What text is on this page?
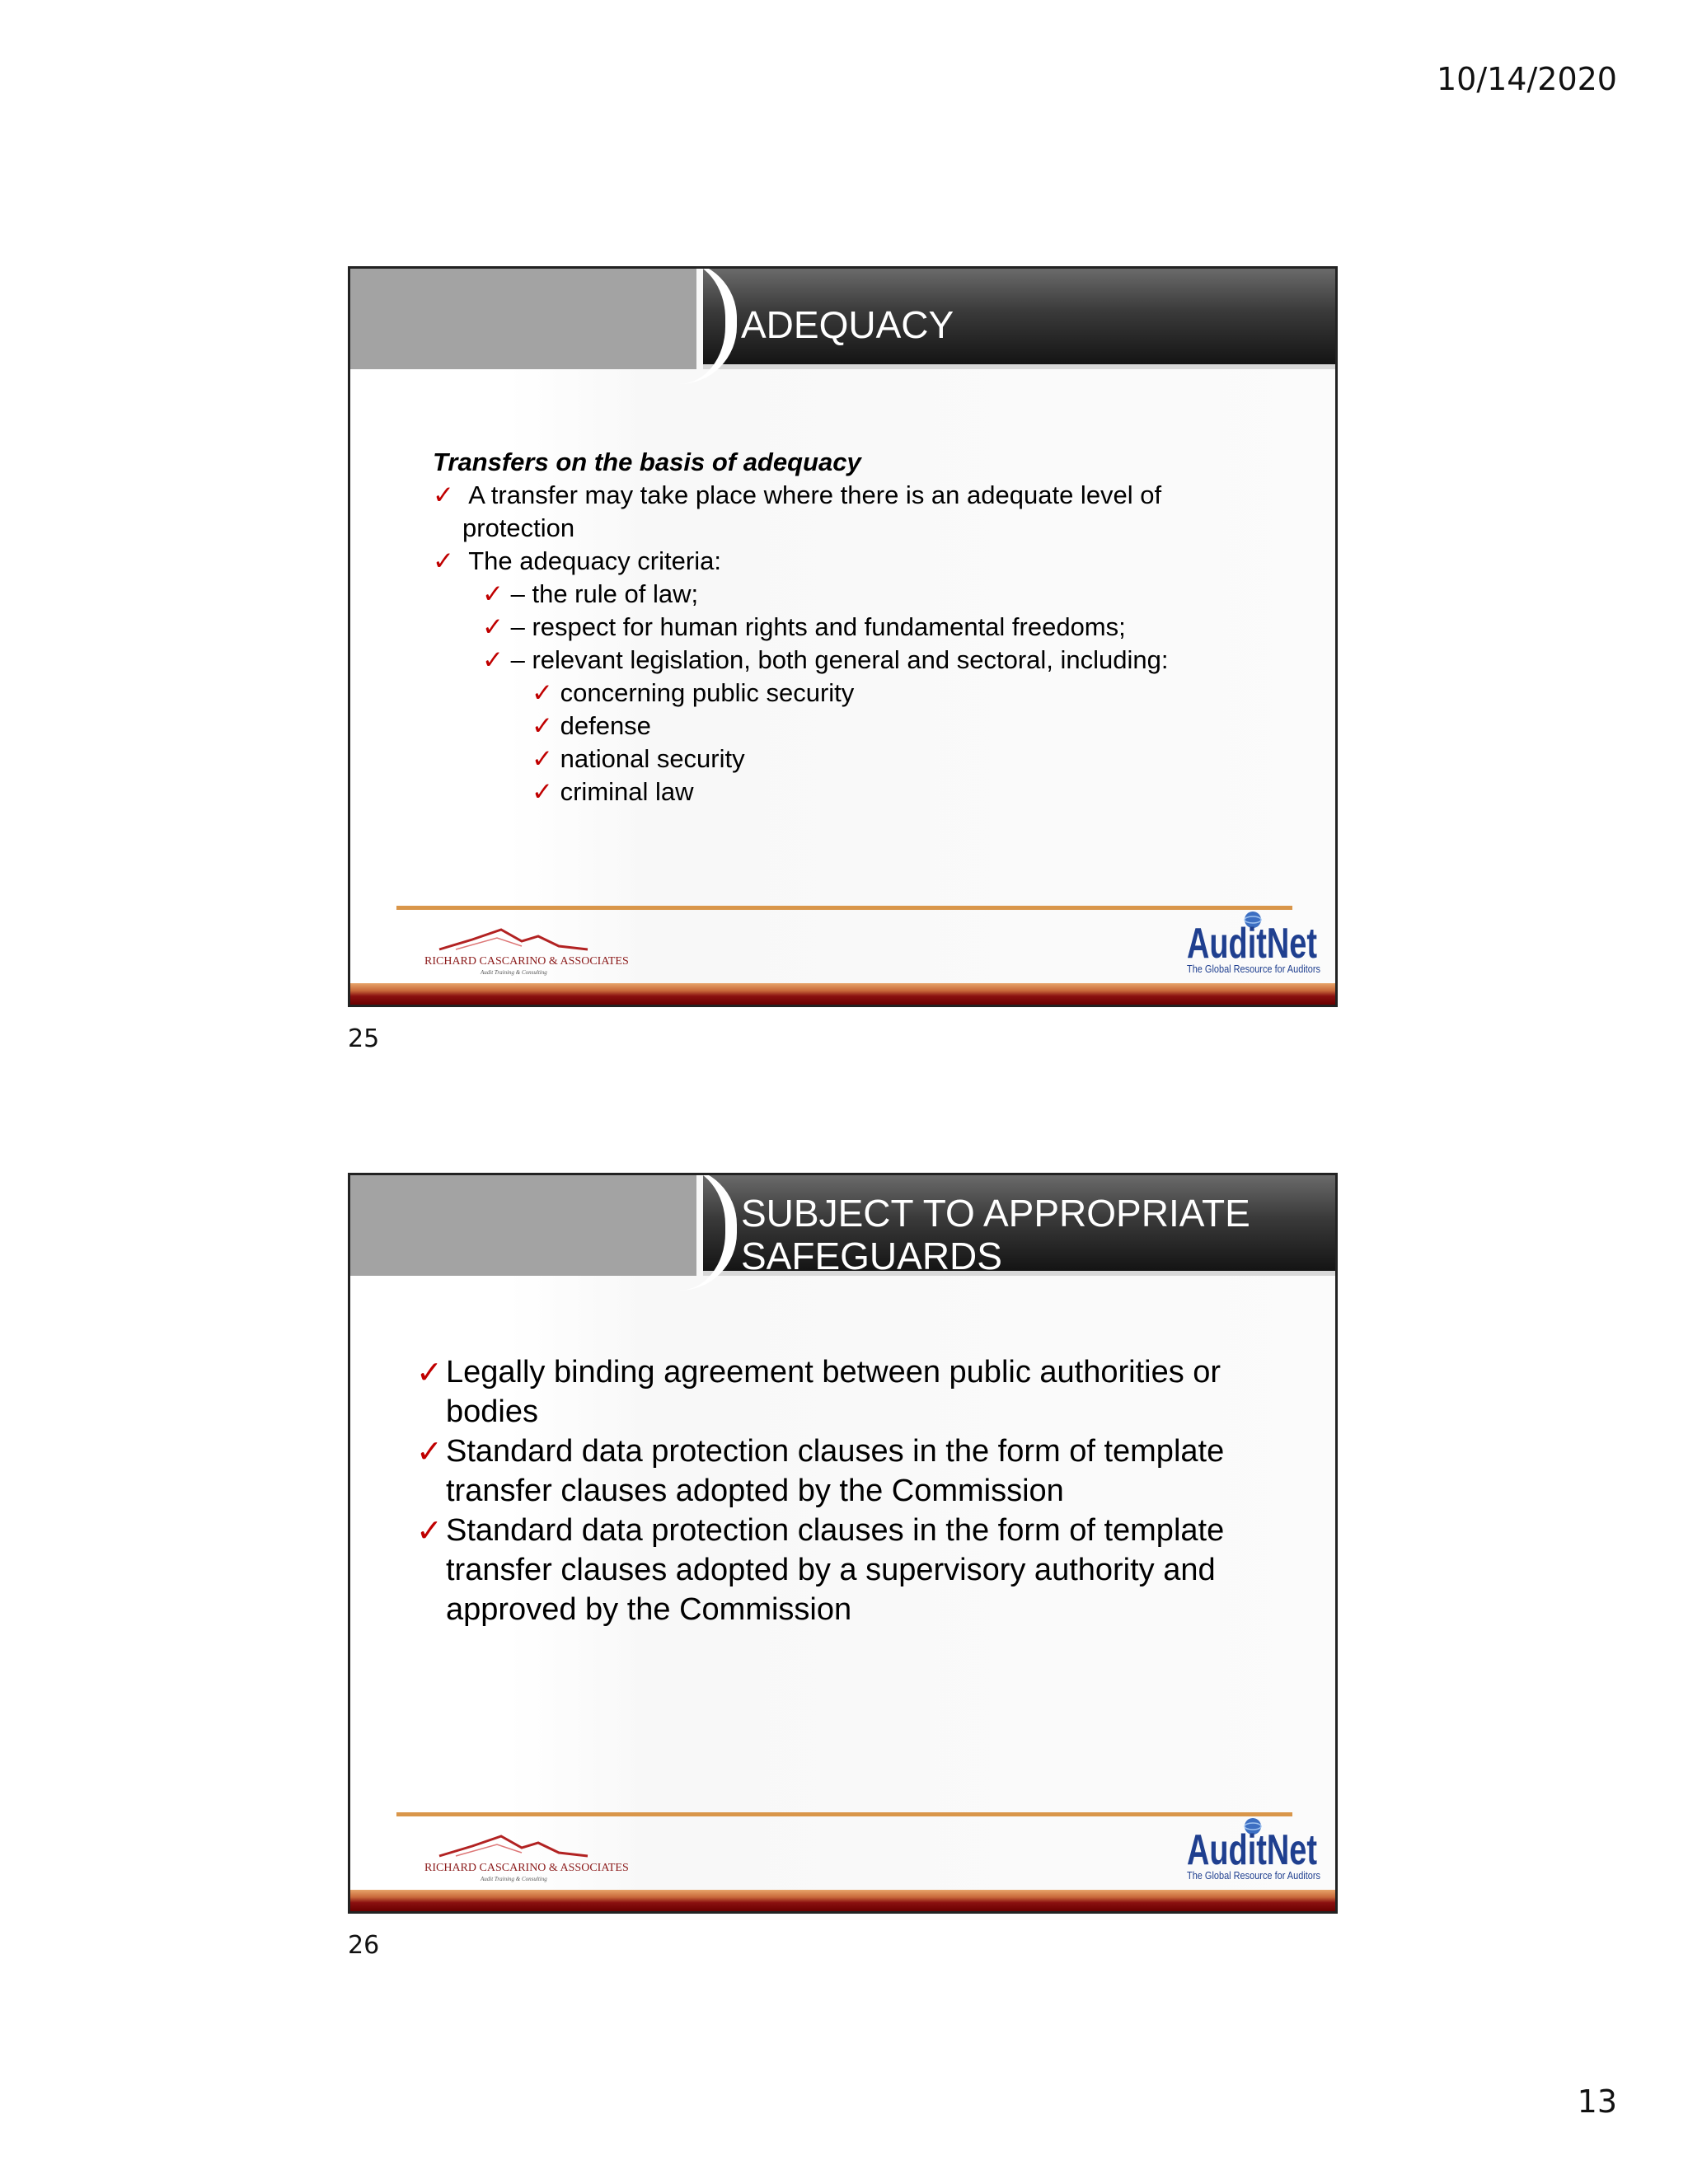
10/14/2020
ADEQUACY
Transfers on the basis of adequacy
✓ A transfer may take place where there is an adequate level of
protection
✓ The adequacy criteria:
✓ – the rule of law;
✓ – respect for human rights and fundamental freedoms;
✓ – relevant legislation, both general and sectoral, including:
✓ concerning public security
✓ defense
✓ national security
✓ criminal law
RICHARD CASCARINO & ASSOCIATES
Audit Training & Consulting
AuditNet
The Global Resource for Auditors
25
SUBJECT TO APPROPRIATE
SAFEGUARDS
✓ Legally binding agreement between public authorities or
bodies
✓ Standard data protection clauses in the form of template
transfer clauses adopted by the Commission
✓ Standard data protection clauses in the form of template
transfer clauses adopted by a supervisory authority and
approved by the Commission
RICHARD CASCARINO & ASSOCIATES
Audit Training & Consulting
AuditNet
The Global Resource for Auditors
26
13
